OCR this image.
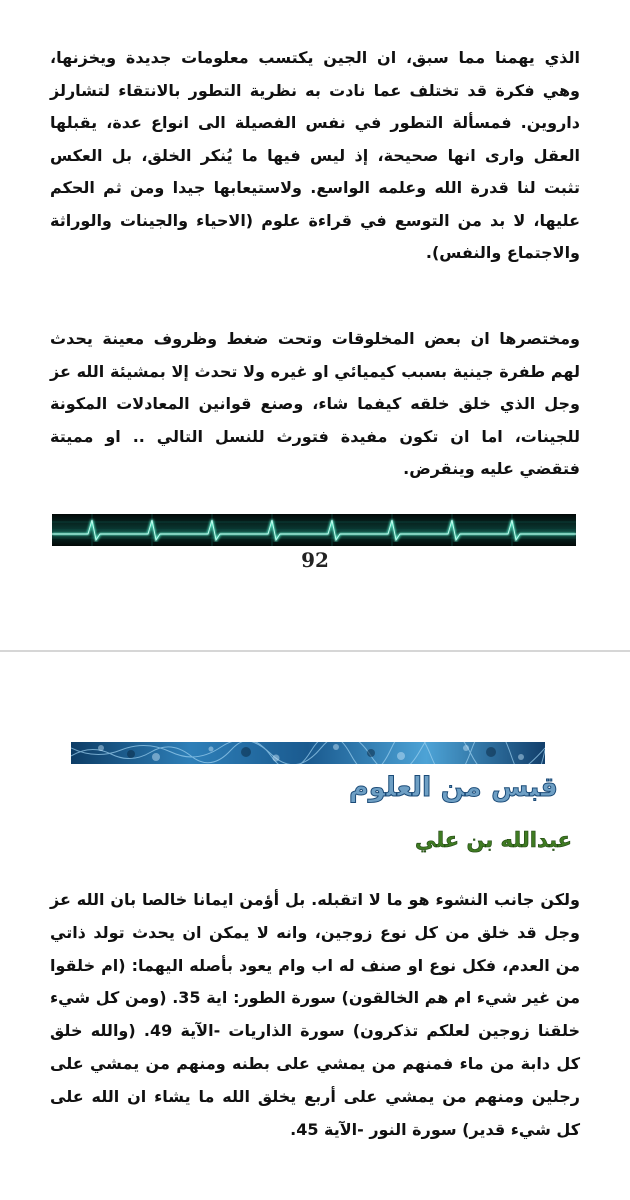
الذي يهمنا مما سبق، ان الجين يكتسب معلومات جديدة ويخزنها، وهي فكرة قد تختلف عما نادت به نظرية التطور بالانتقاء لتشارلز داروين. فمسألة التطور في نفس الفصيلة الى انواع عدة، يقبلها العقل واری انها صحيحة، إذ ليس فيها ما يُنكر الخلق، بل العكس تثبت لنا قدرة الله وعلمه الواسع. ولاستيعابها جيدا ومن ثم الحكم عليها، لا بد من التوسع في قراءة علوم (الاحياء والجينات والوراثة والاجتماع والنفس).

ومختصرها ان بعض المخلوقات وتحت ضغط وظروف معينة يحدث لهم طفرة جينية بسبب كيميائي او غيره ولا تحدث إلا بمشيئة الله عز وجل الذي خلق خلقه كيفما شاء، وصنع قوانين المعادلات المكونة للجينات، اما ان تكون مفيدة فتورث للنسل التالي .. او مميتة فتقضي عليه وينقرض.

92
قبس من العلوم
عبدالله بن علي

ولكن جانب النشوء هو ما لا اتقبله. بل أؤمن ايمانا خالصا بان الله عز وجل قد خلق من كل نوع زوجين، وانه لا يمكن ان يحدث تولد ذاتي من العدم، فكل نوع او صنف له اب وام يعود بأصله اليهما: (ام خلقوا من غير شيء ام هم الخالقون) سورة الطور: اية 35. (ومن كل شيء خلقنا زوجين لعلكم تذكرون) سورة الذاريات -الآية 49. (والله خلق كل دابة من ماء فمنهم من يمشي على بطنه ومنهم من يمشي على رجلين ومنهم من يمشي على أربع يخلق الله ما يشاء ان الله على كل شيء قدير) سورة النور -الآية 45.
